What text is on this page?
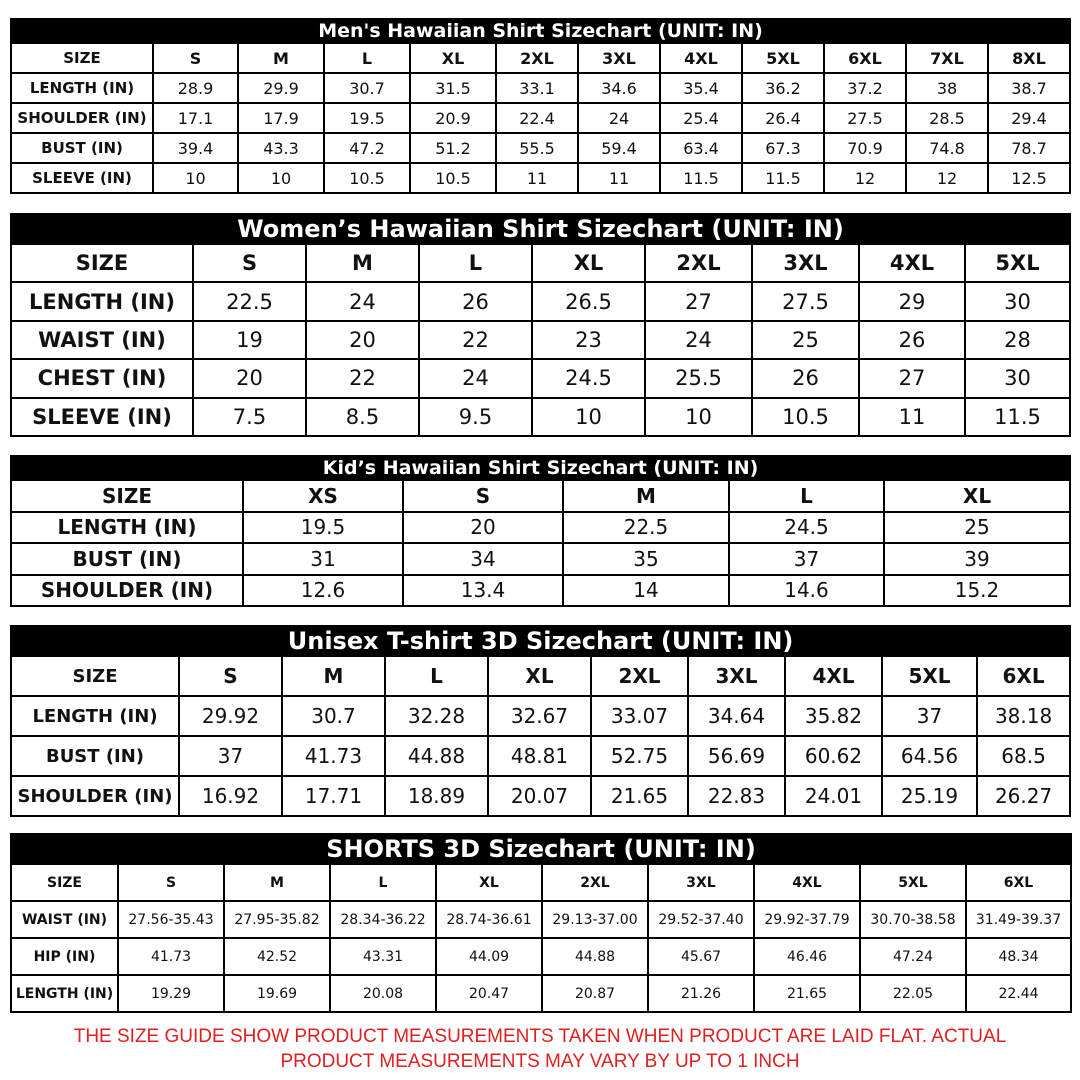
Men's Hawaiian Shirt Sizechart (UNIT: IN)											
SIZE	S	M	L	XL	2XL	3XL	4XL	5XL	6XL	7XL	8XL
LENGTH (IN)	28.9	29.9	30.7	31.5	33.1	34.6	35.4	36.2	37.2	38	38.7
SHOULDER (IN)	17.1	17.9	19.5	20.9	22.4	24	25.4	26.4	27.5	28.5	29.4
BUST (IN)	39.4	43.3	47.2	51.2	55.5	59.4	63.4	67.3	70.9	74.8	78.7
SLEEVE (IN)	10	10	10.5	10.5	11	11	11.5	11.5	12	12	12.5
Women’s Hawaiian Shirt Sizechart (UNIT: IN)								
SIZE	S	M	L	XL	2XL	3XL	4XL	5XL
LENGTH (IN)	22.5	24	26	26.5	27	27.5	29	30
WAIST (IN)	19	20	22	23	24	25	26	28
CHEST (IN)	20	22	24	24.5	25.5	26	27	30
SLEEVE (IN)	7.5	8.5	9.5	10	10	10.5	11	11.5
Kid’s Hawaiian Shirt Sizechart (UNIT: IN)					
SIZE	XS	S	M	L	XL
LENGTH (IN)	19.5	20	22.5	24.5	25
BUST (IN)	31	34	35	37	39
SHOULDER (IN)	12.6	13.4	14	14.6	15.2
Unisex T-shirt 3D Sizechart (UNIT: IN)									
SIZE	S	M	L	XL	2XL	3XL	4XL	5XL	6XL
LENGTH (IN)	29.92	30.7	32.28	32.67	33.07	34.64	35.82	37	38.18
BUST (IN)	37	41.73	44.88	48.81	52.75	56.69	60.62	64.56	68.5
SHOULDER (IN)	16.92	17.71	18.89	20.07	21.65	22.83	24.01	25.19	26.27
SHORTS 3D Sizechart (UNIT: IN)									
SIZE	S	M	L	XL	2XL	3XL	4XL	5XL	6XL
WAIST (IN)	27.56-35.43	27.95-35.82	28.34-36.22	28.74-36.61	29.13-37.00	29.52-37.40	29.92-37.79	30.70-38.58	31.49-39.37
HIP (IN)	41.73	42.52	43.31	44.09	44.88	45.67	46.46	47.24	48.34
LENGTH (IN)	19.29	19.69	20.08	20.47	20.87	21.26	21.65	22.05	22.44
THE SIZE GUIDE SHOW PRODUCT MEASUREMENTS TAKEN WHEN PRODUCT ARE LAID FLAT. ACTUAL
PRODUCT MEASUREMENTS MAY VARY BY UP TO 1 INCH
